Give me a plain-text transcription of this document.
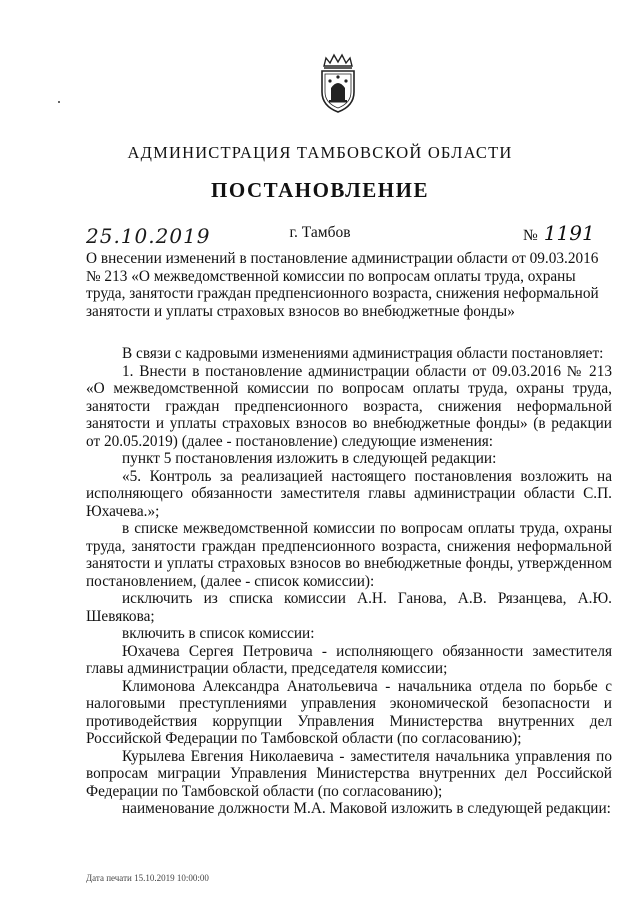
АДМИНИСТРАЦИЯ ТАМБОВСКОЙ ОБЛАСТИ
ПОСТАНОВЛЕНИЕ
25.10.2019	г. Тамбов	№ 1191
О внесении изменений в постановление администрации области от 09.03.2016 № 213 «О межведомственной комиссии по вопросам оплаты труда, охраны труда, занятости граждан предпенсионного возраста, снижения неформальной занятости и уплаты страховых взносов во внебюджетные фонды»

В связи с кадровыми изменениями администрация области постановляет:

1. Внести в постановление администрации области от 09.03.2016 № 213 «О межведомственной комиссии по вопросам оплаты труда, охраны труда, занятости граждан предпенсионного возраста, снижения неформальной занятости и уплаты страховых взносов во внебюджетные фонды» (в редакции от 20.05.2019) (далее - постановление) следующие изменения:

пункт 5 постановления изложить в следующей редакции:

«5. Контроль за реализацией настоящего постановления возложить на исполняющего обязанности заместителя главы администрации области С.П. Юхачева.»;

в списке межведомственной комиссии по вопросам оплаты труда, охраны труда, занятости граждан предпенсионного возраста, снижения неформальной занятости и уплаты страховых взносов во внебюджетные фонды, утвержденном постановлением, (далее - список комиссии):

исключить из списка комиссии А.Н. Ганова, А.В. Рязанцева, А.Ю. Шевякова;

включить в список комиссии:

Юхачева Сергея Петровича - исполняющего обязанности заместителя главы администрации области, председателя комиссии;

Климонова Александра Анатольевича - начальника отдела по борьбе с налоговыми преступлениями управления экономической безопасности и противодействия коррупции Управления Министерства внутренних дел Российской Федерации по Тамбовской области (по согласованию);

Курылева Евгения Николаевича - заместителя начальника управления по вопросам миграции Управления Министерства внутренних дел Российской Федерации по Тамбовской области (по согласованию);

наименование должности М.А. Маковой изложить в следующей редакции:

Дата печати 15.10.2019 10:00:00
